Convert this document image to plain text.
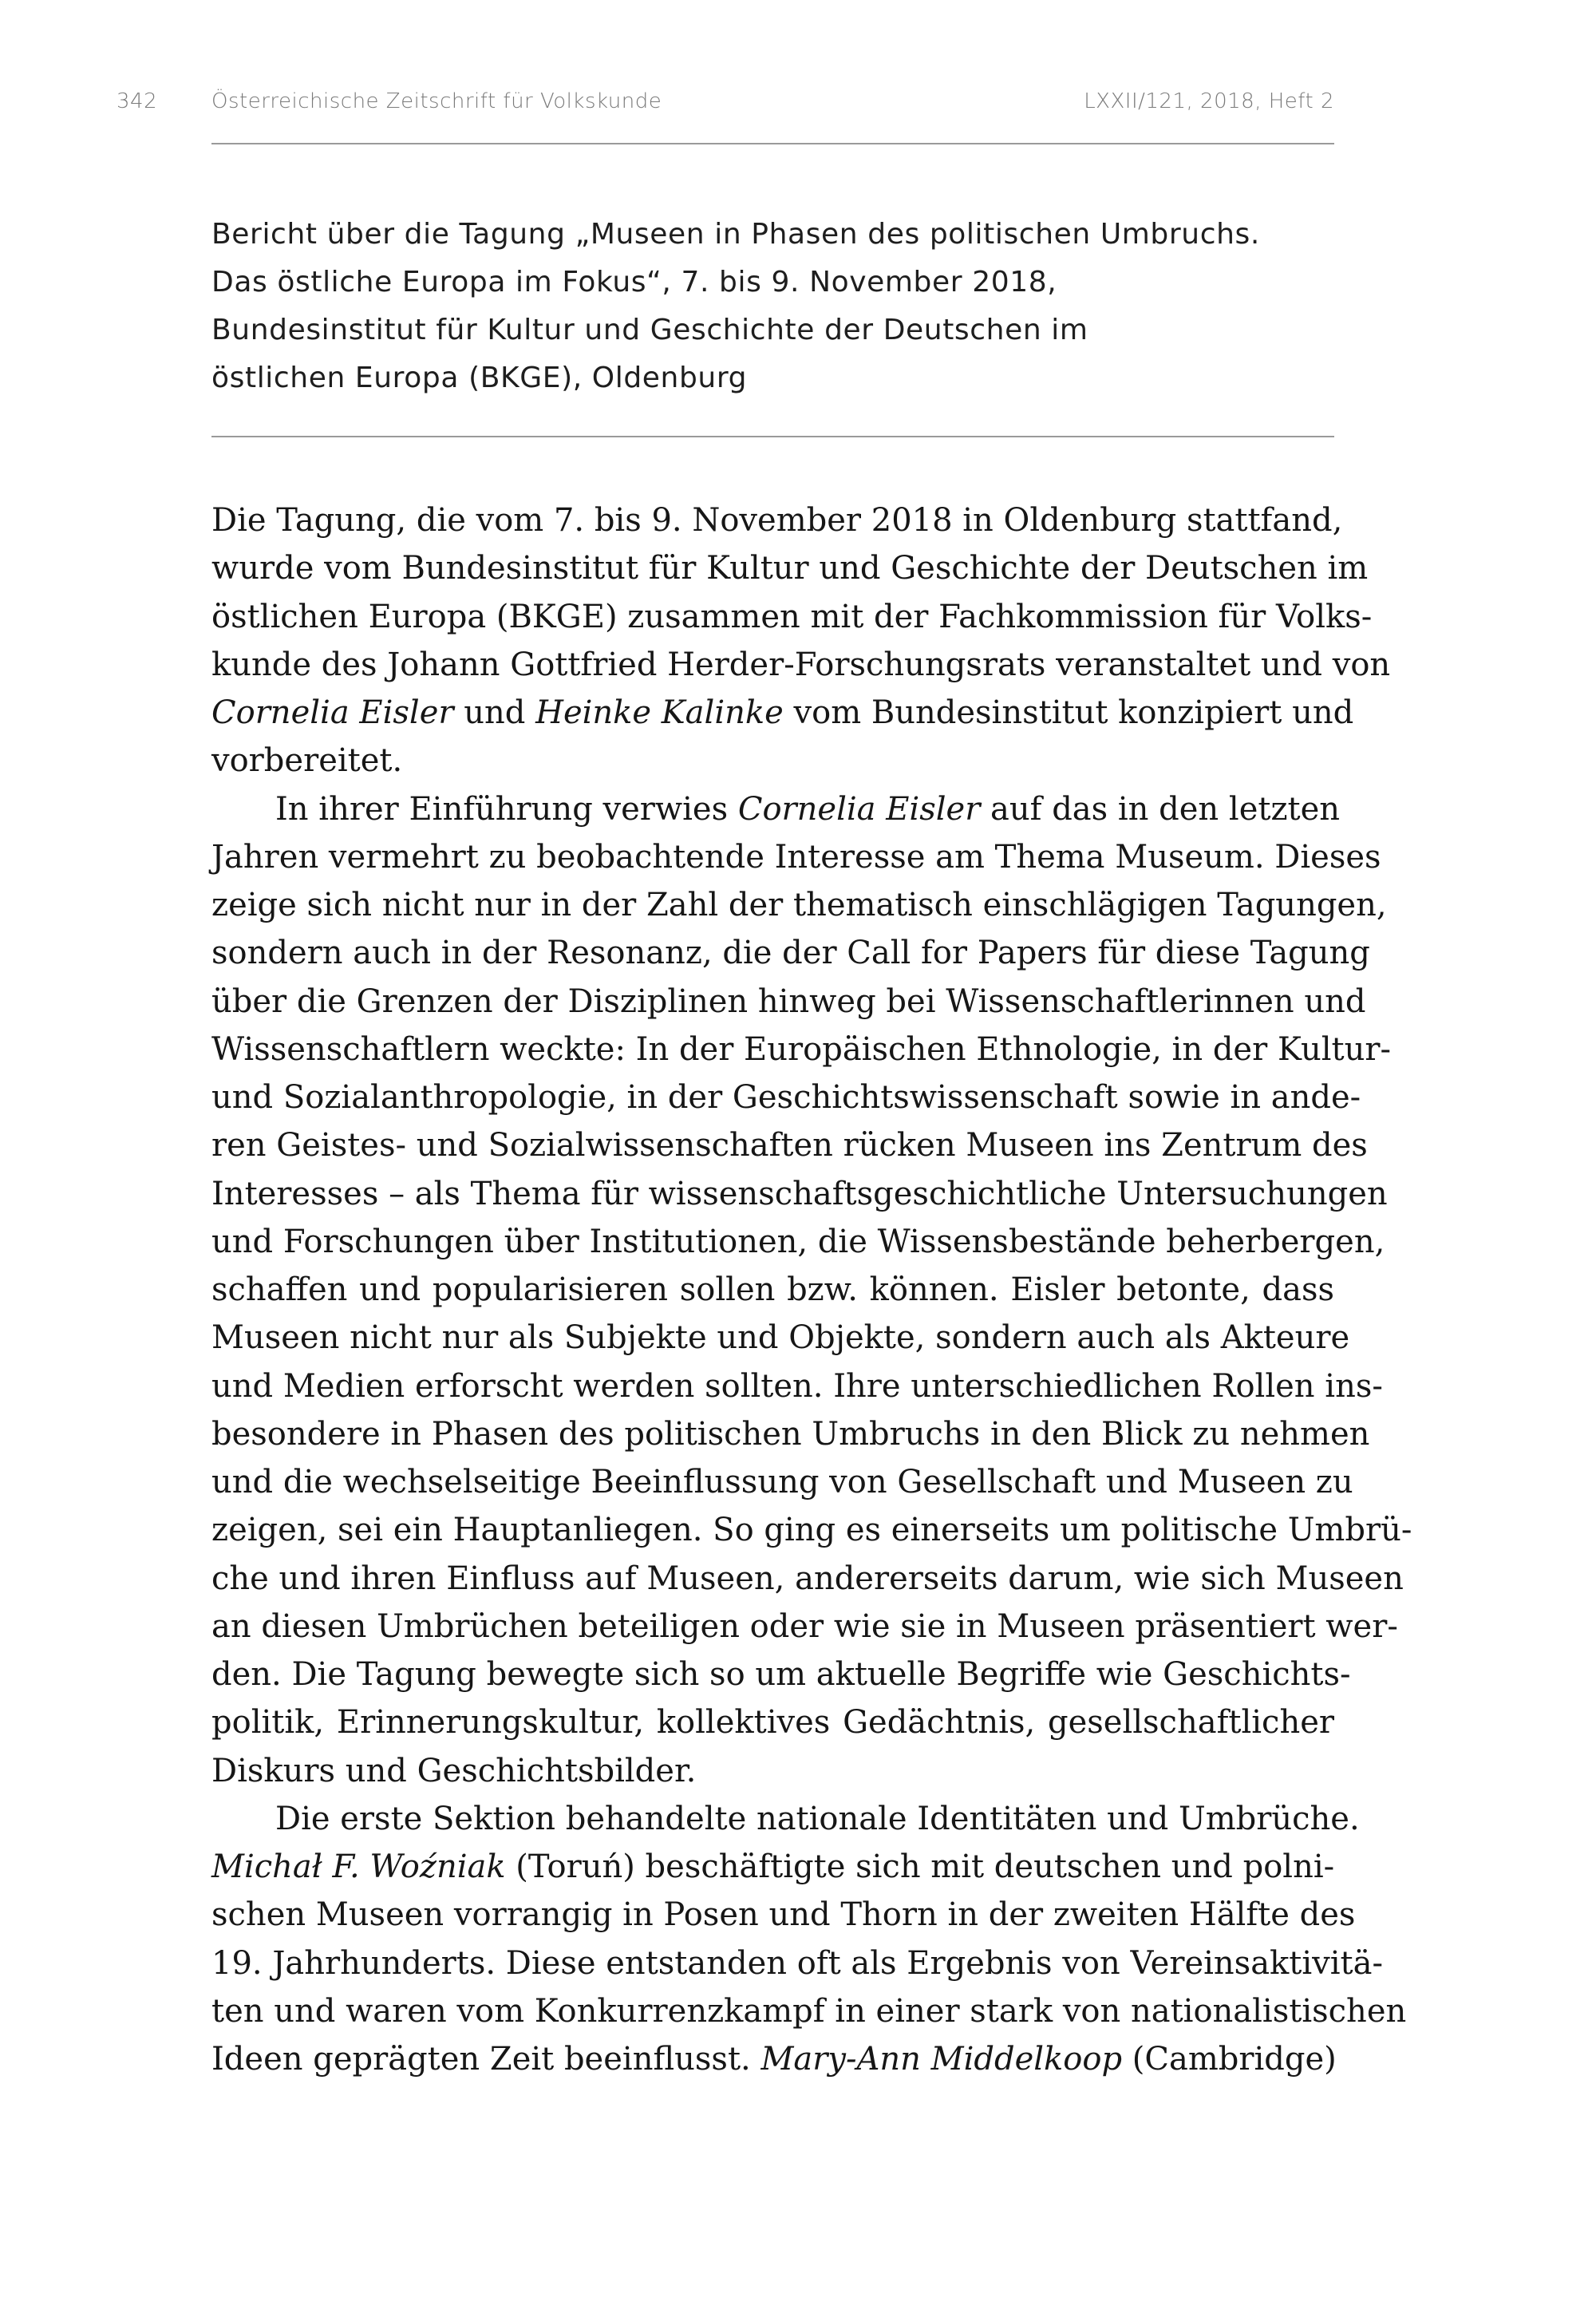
342	Österreichische Zeitschrift für Volkskunde	LXXII/121, 2018, Heft 2
Bericht über die Tagung „Museen in Phasen des politischen Umbruchs.
Das östliche Europa im Fokus“, 7. bis 9. November 2018,
Bundesinstitut für Kultur und Geschichte der Deutschen im
östlichen Europa (BKGE), Oldenburg
Die Tagung, die vom 7. bis 9. November 2018 in Oldenburg stattfand,
wurde vom Bundesinstitut für Kultur und Geschichte der Deutschen im
östlichen Europa (BKGE) zusammen mit der Fachkommission für Volks-
kunde des Johann Gottfried Herder-Forschungsrats veranstaltet und von
Cornelia Eisler und Heinke Kalinke vom Bundesinstitut konzipiert und
vorbereitet.
In ihrer Einführung verwies Cornelia Eisler auf das in den letzten
Jahren vermehrt zu beobachtende Interesse am Thema Museum. Dieses
zeige sich nicht nur in der Zahl der thematisch einschlägigen Tagungen,
sondern auch in der Resonanz, die der Call for Papers für diese Tagung
über die Grenzen der Disziplinen hinweg bei Wissenschaftlerinnen und
Wissenschaftlern weckte: In der Europäischen Ethnologie, in der Kultur-
und Sozialanthropologie, in der Geschichtswissenschaft sowie in ande-
ren Geistes- und Sozialwissenschaften rücken Museen ins Zentrum des
Interesses – als Thema für wissenschaftsgeschichtliche Untersuchungen
und Forschungen über Institutionen, die Wissensbestände beherbergen,
schaffen und popularisieren sollen bzw. können. Eisler betonte, dass
Museen nicht nur als Subjekte und Objekte, sondern auch als Akteure
und Medien erforscht werden sollten. Ihre unterschiedlichen Rollen ins-
besondere in Phasen des politischen Umbruchs in den Blick zu nehmen
und die wechselseitige Beeinflussung von Gesellschaft und Museen zu
zeigen, sei ein Hauptanliegen. So ging es einerseits um politische Umbrü-
che und ihren Einfluss auf Museen, andererseits darum, wie sich Museen
an diesen Umbrüchen beteiligen oder wie sie in Museen präsentiert wer-
den. Die Tagung bewegte sich so um aktuelle Begriffe wie Geschichts-
politik, Erinnerungskultur, kollektives Gedächtnis, gesellschaftlicher
Diskurs und Geschichtsbilder.
Die erste Sektion behandelte nationale Identitäten und Umbrüche.
Michał F. Woźniak (Toruń) beschäftigte sich mit deutschen und polni-
schen Museen vorrangig in Posen und Thorn in der zweiten Hälfte des
19. Jahrhunderts. Diese entstanden oft als Ergebnis von Vereinsaktivitä-
ten und waren vom Konkurrenzkampf in einer stark von nationalistischen
Ideen geprägten Zeit beeinflusst. Mary-Ann Middelkoop (Cambridge)
